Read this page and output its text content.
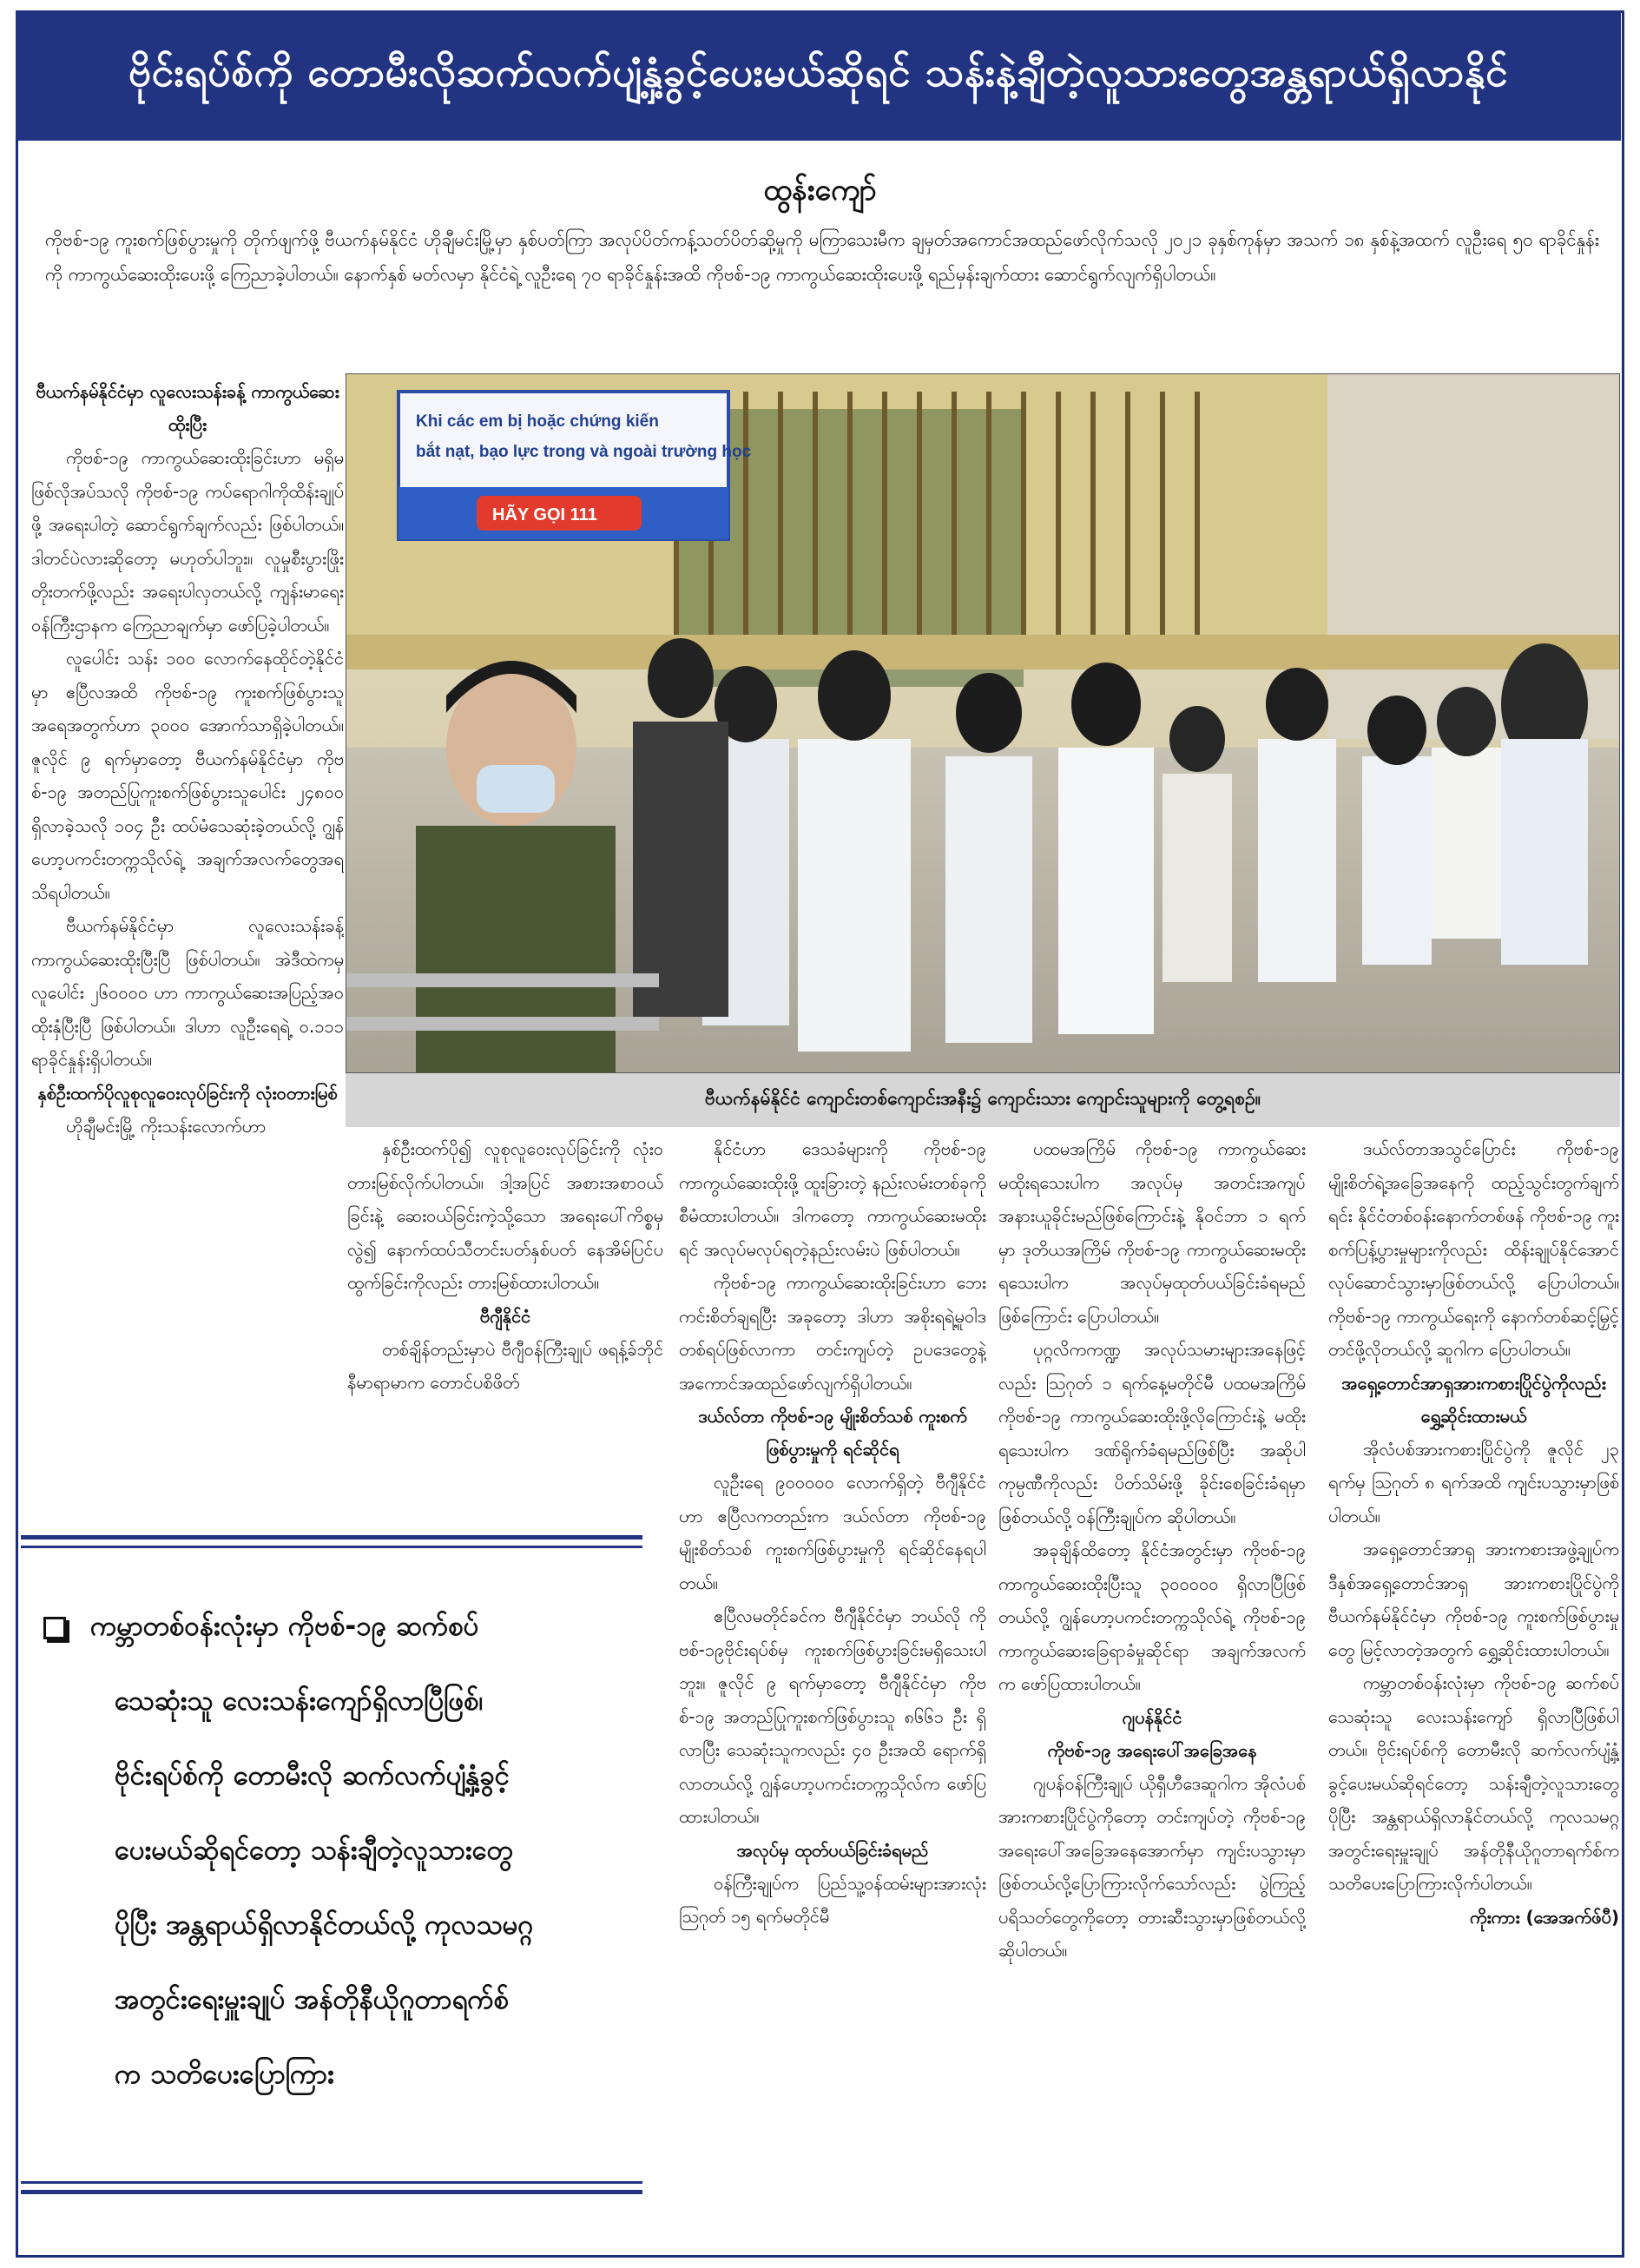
ဗိုင်းရပ်စ်ကို တောမီးလိုဆက်လက်ပျံ့နှံ့ခွင့်ပေးမယ်ဆိုရင် သန်းနဲ့ချီတဲ့လူသားတွေအန္တရာယ်ရှိလာနိုင်
ထွန်းကျော်
ကိုဗစ်-၁၉ ကူးစက်ဖြစ်ပွားမှုကို တိုက်ဖျက်ဖို့ ဗီယက်နမ်နိုင်ငံ ဟိုချီမင်းမြို့မှာ နှစ်ပတ်ကြာ အလုပ်ပိတ်ကန့်သတ်ပိတ်ဆို့မှုကို မကြာသေးမီက ချမှတ်အကောင်အထည်ဖော်လိုက်သလို ၂၀၂၁ ခုနှစ်ကုန်မှာ အသက် ၁၈ နှစ်နဲ့အထက် လူဦးရေ ၅၀ ရာခိုင်နှုန်းကို ကာကွယ်ဆေးထိုးပေးဖို့ ကြေညာခဲ့ပါတယ်။ နောက်နှစ် မတ်လမှာ နိုင်ငံရဲ့ လူဦးရေ ၇၀ ရာခိုင်နှုန်းအထိ ကိုဗစ်-၁၉ ကာကွယ်ဆေးထိုးပေးဖို့ ရည်မှန်းချက်ထား ဆောင်ရွက်လျက်ရှိပါတယ်။
ဗီယက်နမ်နိုင်ငံမှာ လူလေးသန်းခန့် ကာကွယ်ဆေးထိုးပြီး

ကိုဗစ်-၁၉ ကာကွယ်ဆေးထိုးခြင်းဟာ မရှိမဖြစ်လိုအပ်သလို ကိုဗစ်-၁၉ ကပ်ရောဂါကိုထိန်းချုပ်ဖို့ အရေးပါတဲ့ ဆောင်ရွက်ချက်လည်း ဖြစ်ပါတယ်။ ဒါတင်ပဲလားဆိုတော့ မဟုတ်ပါဘူး။ လူမှုစီးပွားဖြိုးတိုးတက်ဖို့လည်း အရေးပါလှတယ်လို့ ကျန်းမာရေးဝန်ကြီးဌာနက ကြေညာချက်မှာ ဖော်ပြခဲ့ပါတယ်။

လူပေါင်း သန်း ၁၀၀ လောက်နေထိုင်တဲ့နိုင်ငံမှာ ဧပြီလအထိ ကိုဗစ်-၁၉ ကူးစက်ဖြစ်ပွားသူအရေအတွက်ဟာ ၃၀၀၀ အောက်သာရှိခဲ့ပါတယ်။ ဇူလိုင် ၉ ရက်မှာတော့ ဗီယက်နမ်နိုင်ငံမှာ ကိုဗစ်-၁၉ အတည်ပြုကူးစက်ဖြစ်ပွားသူပေါင်း ၂၄၈၀၀ ရှိလာခဲ့သလို ၁၀၄ ဦး ထပ်မံသေဆုံးခဲ့တယ်လို့ ဂျွန်ဟော့ပကင်းတက္ကသိုလ်ရဲ့ အချက်အလက်တွေအရ သိရပါတယ်။

ဗီယက်နမ်နိုင်ငံမှာ လူလေးသန်းခန့် ကာကွယ်ဆေးထိုးပြီးပြီ ဖြစ်ပါတယ်။ အဲဒီထဲကမှ လူပေါင်း ၂၆၀၀၀၀ ဟာ ကာကွယ်ဆေးအပြည့်အဝ ထိုးနှံပြီးပြီ ဖြစ်ပါတယ်။ ဒါဟာ လူဦးရေရဲ့ ၀.၁၁၁ ရာခိုင်နှုန်းရှိပါတယ်။

နှစ်ဦးထက်ပိုလူစုလူဝေးလုပ်ခြင်းကို လုံးဝတားမြစ်

ဟိုချီမင်းမြို့ ကိုးသန်းလောက်ဟာ

Khi các em bị hoặc chứng kiến
bắt nạt, bạo lực trong và ngoài trường học
HÃY GỌI 111
ဗီယက်နမ်နိုင်ငံ ကျောင်းတစ်ကျောင်းအနီး၌ ကျောင်းသား ကျောင်းသူများကို တွေ့ရစဉ်။

နှစ်ဦးထက်ပို၍ လူစုလူဝေးလုပ်ခြင်းကို လုံးဝတားမြစ်လိုက်ပါတယ်။ ဒါ့အပြင် အစားအစာဝယ်ခြင်းနဲ့ ဆေးဝယ်ခြင်းကဲ့သို့သော အရေးပေါ်ကိစ္စမှလွဲ၍ နောက်ထပ်သီတင်းပတ်နှစ်ပတ် နေအိမ်ပြင်ပထွက်ခြင်းကိုလည်း တားမြစ်ထားပါတယ်။

ဗီဂျီနိုင်ငံ

တစ်ချိန်တည်းမှာပဲ ဗီဂျီဝန်ကြီးချုပ် ဖရန့်ခ်ဘိုင်နီမာရာမာက တောင်ပစိဖိတ်

ကမ္ဘာတစ်ဝန်းလုံးမှာ ကိုဗစ်-၁၉ ဆက်စပ်
သေဆုံးသူ လေးသန်းကျော်ရှိလာပြီဖြစ်၊
ဗိုင်းရပ်စ်ကို တောမီးလို ဆက်လက်ပျံ့နှံ့ခွင့်
ပေးမယ်ဆိုရင်တော့ သန်းချီတဲ့လူသားတွေ
ပိုပြီး အန္တရာယ်ရှိလာနိုင်တယ်လို့ ကုလသမဂ္ဂ
အတွင်းရေးမှူးချုပ် အန်တိုနီယိုဂူတာရက်စ်
က သတိပေးပြောကြား

နိုင်ငံဟာ ဒေသခံများကို ကိုဗစ်-၁၉ ကာကွယ်ဆေးထိုးဖို့ ထူးခြားတဲ့ နည်းလမ်းတစ်ခုကို စီမံထားပါတယ်။ ဒါကတော့ ကာကွယ်ဆေးမထိုးရင် အလုပ်မလုပ်ရတဲ့နည်းလမ်းပဲ ဖြစ်ပါတယ်။

ကိုဗစ်-၁၉ ကာကွယ်ဆေးထိုးခြင်းဟာ ဘေးကင်းစိတ်ချရပြီး အခုတော့ ဒါဟာ အစိုးရရဲ့မူဝါဒတစ်ရပ်ဖြစ်လာကာ တင်းကျပ်တဲ့ ဥပဒေတွေနဲ့ အကောင်အထည်ဖော်လျက်ရှိပါတယ်။

ဒယ်လ်တာ ကိုဗစ်-၁၉ မျိုးစိတ်သစ် ကူးစက်ဖြစ်ပွားမှုကို ရင်ဆိုင်ရ

လူဦးရေ ၉၀၀၀၀၀ လောက်ရှိတဲ့ ဗီဂျီနိုင်ငံဟာ ဧပြီလကတည်းက ဒယ်လ်တာ ကိုဗစ်-၁၉ မျိုးစိတ်သစ် ကူးစက်ဖြစ်ပွားမှုကို ရင်ဆိုင်နေရပါတယ်။

ဧပြီလမတိုင်ခင်က ဗီဂျီနိုင်ငံမှာ ဘယ်လို ကိုဗစ်-၁၉ဗိုင်းရပ်စ်မှ ကူးစက်ဖြစ်ပွားခြင်းမရှိသေးပါဘူး။ ဇူလိုင် ၉ ရက်မှာတော့ ဗီဂျီနိုင်ငံမှာ ကိုဗစ်-၁၉ အတည်ပြုကူးစက်ဖြစ်ပွားသူ ၈၆၆၁ ဦး ရှိလာပြီး သေဆုံးသူကလည်း ၄၀ ဦးအထိ ရောက်ရှိလာတယ်လို့ ဂျွန်ဟော့ပကင်းတက္ကသိုလ်က ဖော်ပြထားပါတယ်။

အလုပ်မှ ထုတ်ပယ်ခြင်းခံရမည်

ဝန်ကြီးချုပ်က ပြည်သူ့ဝန်ထမ်းများအားလုံး သြဂုတ် ၁၅ ရက်မတိုင်မီ

ပထမအကြိမ် ကိုဗစ်-၁၉ ကာကွယ်ဆေးမထိုးရသေးပါက အလုပ်မှ အတင်းအကျပ်အနားယူခိုင်းမည်ဖြစ်ကြောင်းနဲ့ နိုဝင်ဘာ ၁ ရက်မှာ ဒုတိယအကြိမ် ကိုဗစ်-၁၉ ကာကွယ်ဆေးမထိုးရသေးပါက အလုပ်မှထုတ်ပယ်ခြင်းခံရမည် ဖြစ်ကြောင်း ပြောပါတယ်။

ပုဂ္ဂလိကကဏ္ဍ အလုပ်သမားများအနေဖြင့်လည်း သြဂုတ် ၁ ရက်နေ့မတိုင်မီ ပထမအကြိမ် ကိုဗစ်-၁၉ ကာကွယ်ဆေးထိုးဖို့လိုကြောင်းနဲ့ မထိုးရသေးပါက ဒဏ်ရိုက်ခံရမည်ဖြစ်ပြီး အဆိုပါကုမ္ပဏီကိုလည်း ပိတ်သိမ်းဖို့ ခိုင်းစေခြင်းခံရမှာ ဖြစ်တယ်လို့ ဝန်ကြီးချုပ်က ဆိုပါတယ်။

အခုချိန်ထိတော့ နိုင်ငံအတွင်းမှာ ကိုဗစ်-၁၉ ကာကွယ်ဆေးထိုးပြီးသူ ၃၀၀၀၀၀ ရှိလာပြီဖြစ်တယ်လို့ ဂျွန်ဟော့ပကင်းတက္ကသိုလ်ရဲ့ ကိုဗစ်-၁၉ ကာကွယ်ဆေးခြေရာခံမှုဆိုင်ရာ အချက်အလက်က ဖော်ပြထားပါတယ်။

ဂျပန်နိုင်ငံ
ကိုဗစ်-၁၉ အရေးပေါ်အခြေအနေ

ဂျပန်ဝန်ကြီးချုပ် ယိုရှီဟီဒေဆူဂါက အိုလံပစ်အားကစားပြိုင်ပွဲကိုတော့ တင်းကျပ်တဲ့ ကိုဗစ်-၁၉ အရေးပေါ်အခြေအနေအောက်မှာ ကျင်းပသွားမှာဖြစ်တယ်လို့ပြောကြားလိုက်သော်လည်း ပွဲကြည့်ပရိသတ်တွေကိုတော့ တားဆီးသွားမှာဖြစ်တယ်လို့ ဆိုပါတယ်။

ဒယ်လ်တာအသွင်ပြောင်း ကိုဗစ်-၁၉ မျိုးစိတ်ရဲ့အခြေအနေကို ထည့်သွင်းတွက်ချက်ရင်း နိုင်ငံတစ်ဝန်းနောက်တစ်ဖန် ကိုဗစ်-၁၉ ကူးစက်ပြန့်ပွားမှုများကိုလည်း ထိန်းချုပ်နိုင်အောင် လုပ်ဆောင်သွားမှာဖြစ်တယ်လို့ ပြောပါတယ်။ ကိုဗစ်-၁၉ ကာကွယ်ရေးကို နောက်တစ်ဆင့်မြှင့်တင်ဖို့လိုတယ်လို့ ဆူဂါက ပြောပါတယ်။

အရှေ့တောင်အာရှအားကစားပြိုင်ပွဲကိုလည်း ရွှေ့ဆိုင်းထားမယ်

အိုလံပစ်အားကစားပြိုင်ပွဲကို ဇူလိုင် ၂၃ ရက်မှ သြဂုတ် ၈ ရက်အထိ ကျင်းပသွားမှာဖြစ်ပါတယ်။

အရှေ့တောင်အာရှ အားကစားအဖွဲ့ချုပ်က ဒီနှစ်အရှေ့တောင်အာရှ အားကစားပြိုင်ပွဲကို ဗီယက်နမ်နိုင်ငံမှာ ကိုဗစ်-၁၉ ကူးစက်ဖြစ်ပွားမှုတွေ မြင့်လာတဲ့အတွက် ရွှေ့ဆိုင်းထားပါတယ်။

ကမ္ဘာတစ်ဝန်းလုံးမှာ ကိုဗစ်-၁၉ ဆက်စပ်သေဆုံးသူ လေးသန်းကျော် ရှိလာပြီဖြစ်ပါတယ်။ ဗိုင်းရပ်စ်ကို တောမီးလို ဆက်လက်ပျံ့နှံ့ခွင့်ပေးမယ်ဆိုရင်တော့ သန်းချီတဲ့လူသားတွေ ပိုပြီး အန္တရာယ်ရှိလာနိုင်တယ်လို့ ကုလသမဂ္ဂ အတွင်းရေးမှူးချုပ် အန်တိုနီယိုဂူတာရက်စ်က သတိပေးပြောကြားလိုက်ပါတယ်။

ကိုးကား (အေအက်ဖ်ပီ)
